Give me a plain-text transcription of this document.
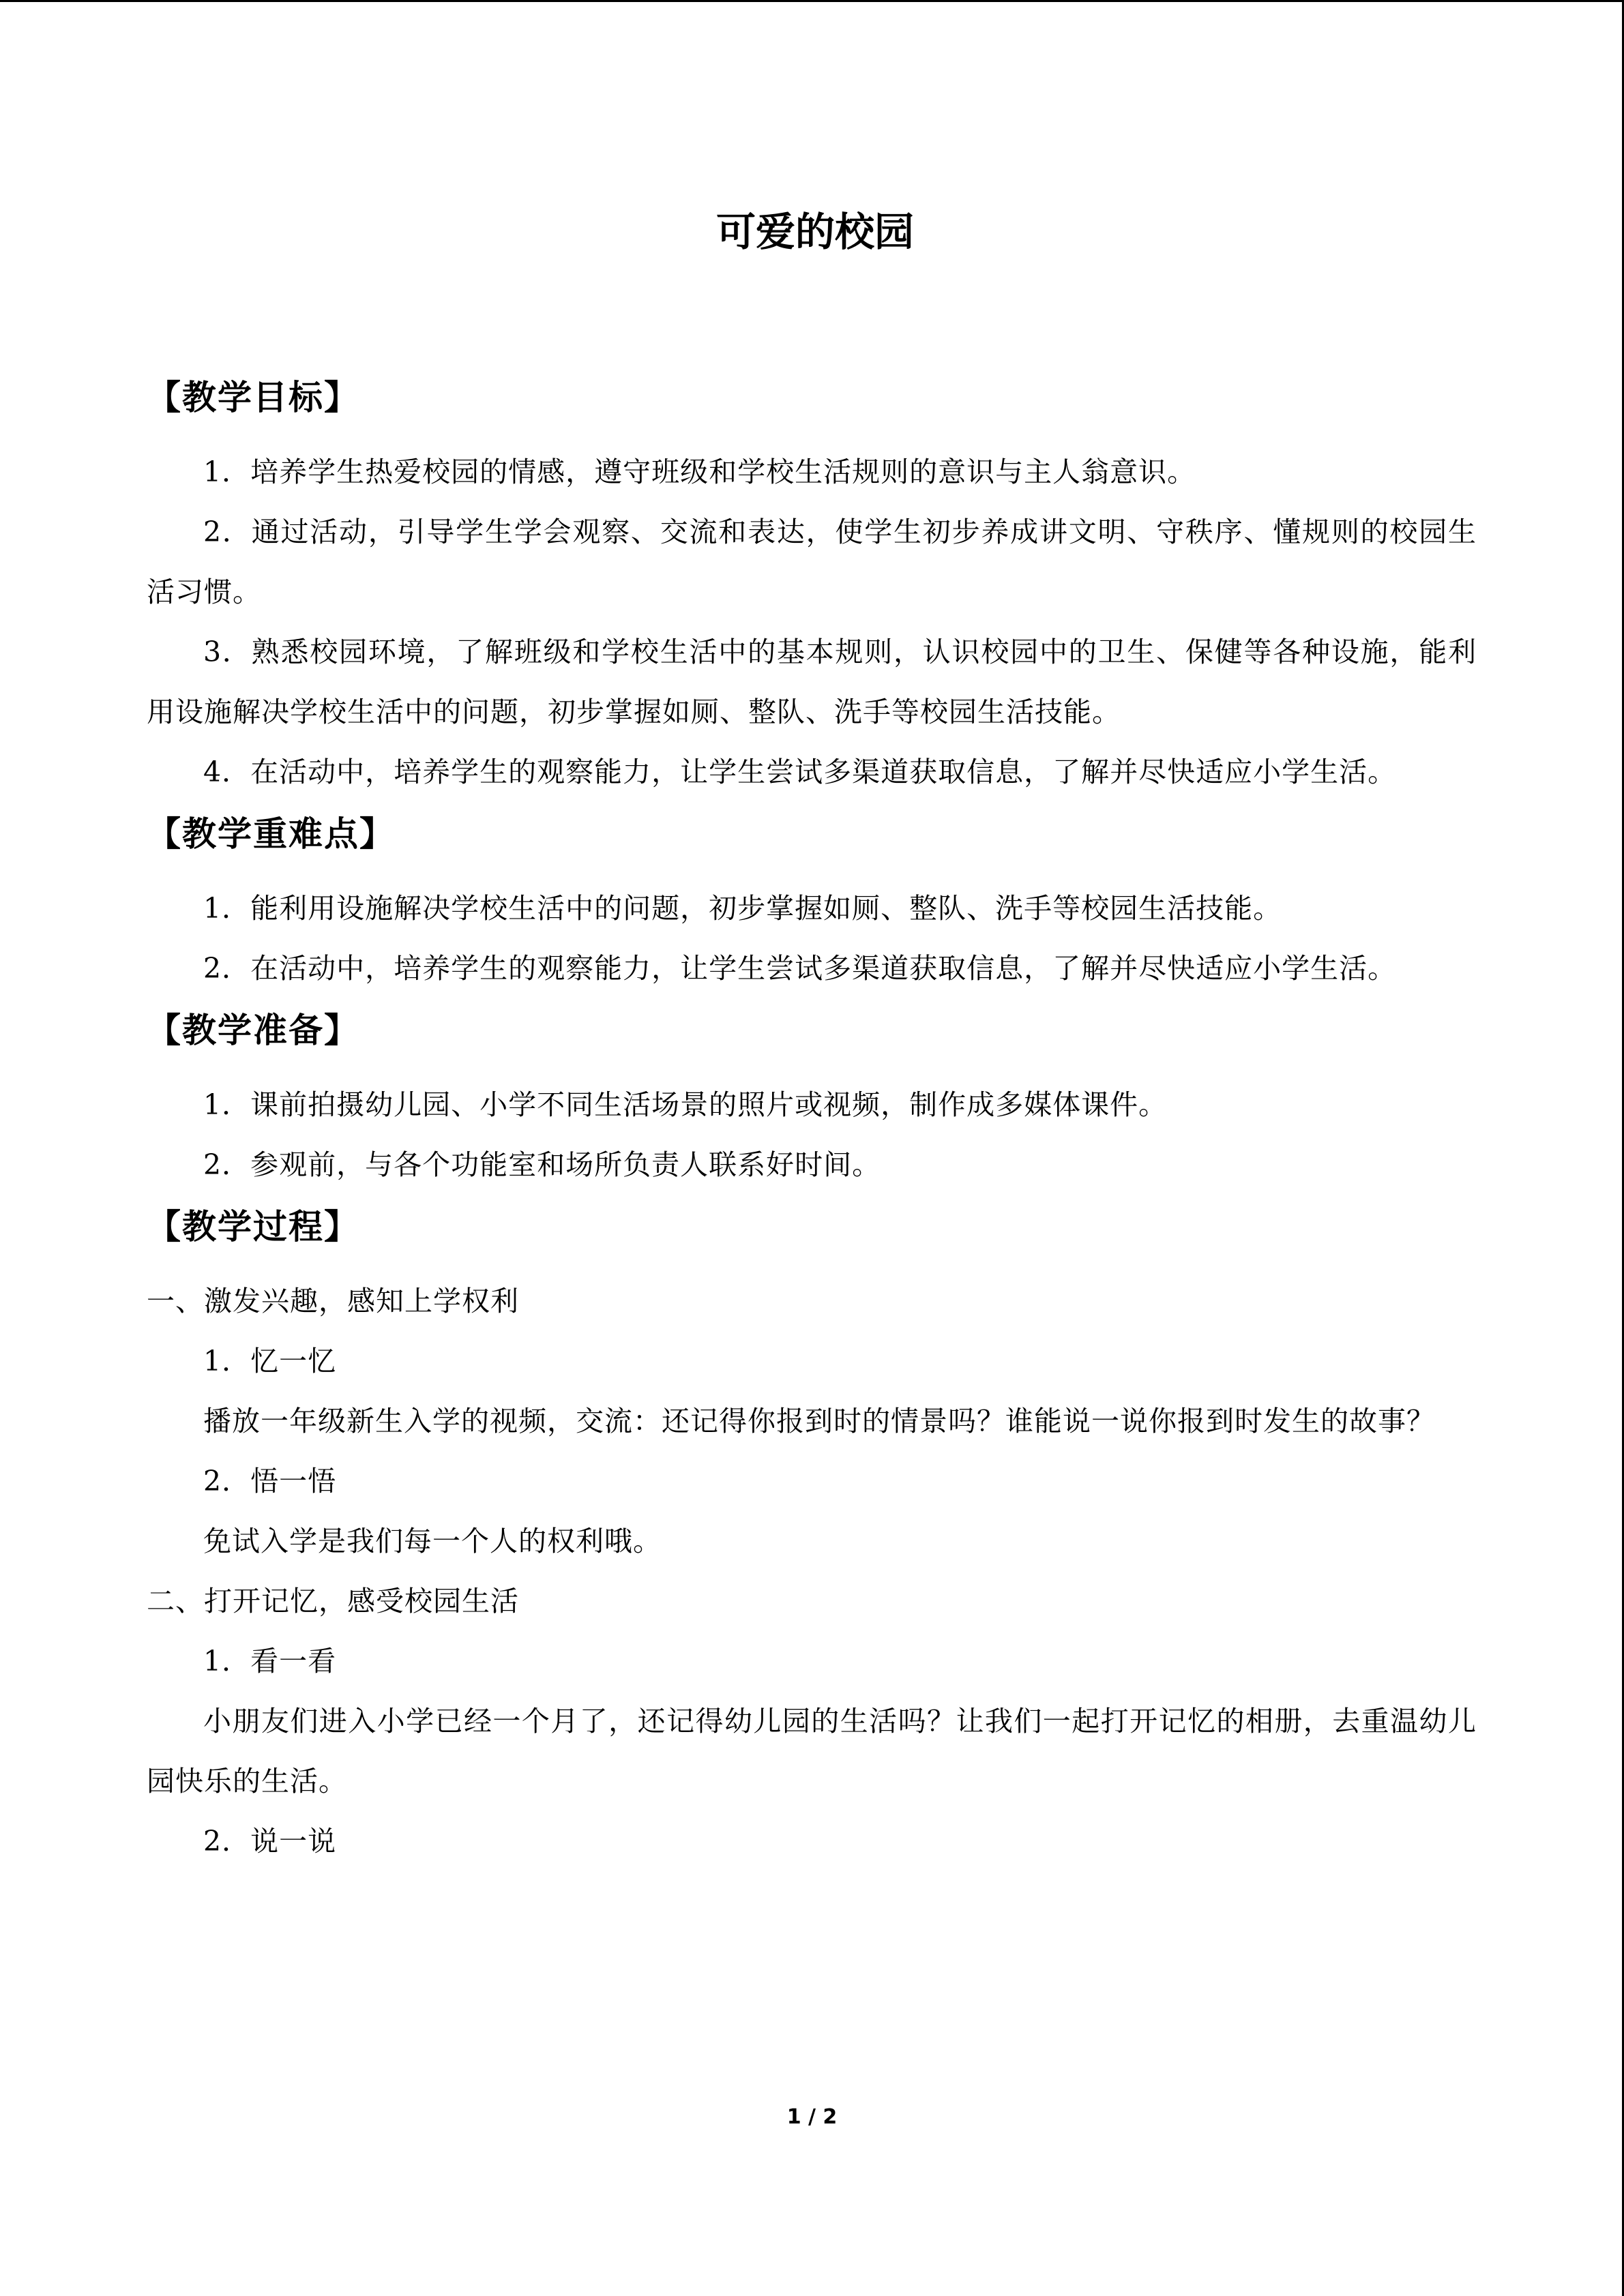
可爱的校园
【教学目标】

1．培养学生热爱校园的情感，遵守班级和学校生活规则的意识与主人翁意识。

2．通过活动，引导学生学会观察、交流和表达，使学生初步养成讲文明、守秩序、懂规则的校园生活习惯。

3．熟悉校园环境，了解班级和学校生活中的基本规则，认识校园中的卫生、保健等各种设施，能利用设施解决学校生活中的问题，初步掌握如厕、整队、洗手等校园生活技能。

4．在活动中，培养学生的观察能力，让学生尝试多渠道获取信息，了解并尽快适应小学生活。

【教学重难点】

1．能利用设施解决学校生活中的问题，初步掌握如厕、整队、洗手等校园生活技能。

2．在活动中，培养学生的观察能力，让学生尝试多渠道获取信息，了解并尽快适应小学生活。

【教学准备】

1．课前拍摄幼儿园、小学不同生活场景的照片或视频，制作成多媒体课件。

2．参观前，与各个功能室和场所负责人联系好时间。

【教学过程】

一、激发兴趣，感知上学权利

1．忆一忆

播放一年级新生入学的视频，交流：还记得你报到时的情景吗？谁能说一说你报到时发生的故事？

2．悟一悟

免试入学是我们每一个人的权利哦。

二、打开记忆，感受校园生活

1．看一看

小朋友们进入小学已经一个月了，还记得幼儿园的生活吗？让我们一起打开记忆的相册，去重温幼儿园快乐的生活。

2．说一说

1 / 2
